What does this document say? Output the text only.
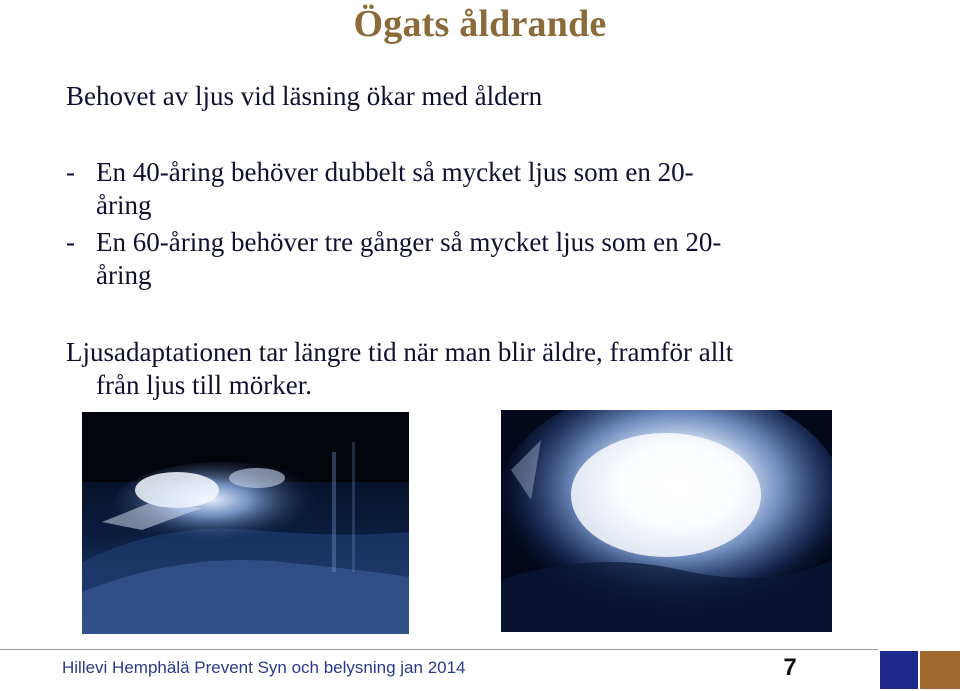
Ögats åldrande
Behovet av ljus vid läsning ökar med åldern
- En 40-åring behöver dubbelt så mycket ljus som en 20-
åring
- En 60-åring behöver tre gånger så mycket ljus som en 20-
åring
Ljusadaptationen tar längre tid när man blir äldre, framför allt
från ljus till mörker.
Hillevi Hemphälä Prevent Syn och belysning jan 2014	7
